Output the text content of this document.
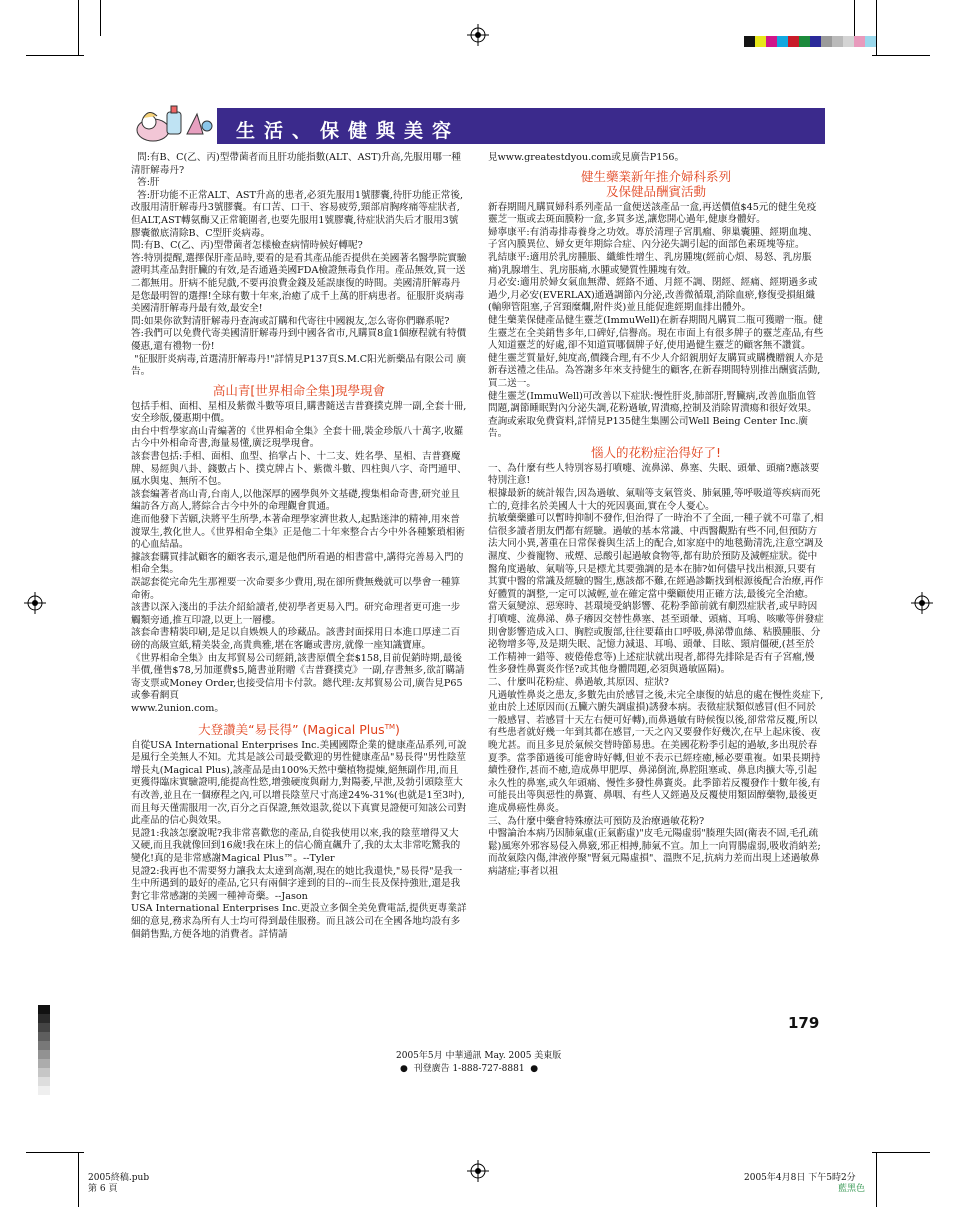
生活、保健與美容

問:有B、C(乙、丙)型帶菌者而且肝功能指數(ALT、AST)升高,先服用哪一種清肝解毒丹?
答:肝
答:肝功能不正常ALT、AST升高的患者,必須先服用1號膠囊,待肝功能正常後,改服用清肝解毒丹3號膠囊。有口苦、口干、容易疲勞,頸部肩胸疼痛等症狀者,但ALT,AST轉氨酶又正常範圍者,也要先服用1號膠囊,待症狀消失后才服用3號膠囊徹底清除B、C型肝炎病毒。
問:有B、C(乙、丙)型帶菌者怎樣檢查病情時候好轉呢?
答:特別提醒,選擇保肝產品時,要看的是看其產品能否提供在美國著名醫學院實驗證明其產品對肝臟的有效,是否通過美國FDA檢證無毒負作用。產品無效,買一送二都無用。肝病不能兒戲,不要再浪費金錢及延誤康復的時間。美國清肝解毒丹是您最明智的選擇!全球有數十年來,治癒了成千上萬的肝病患者。征服肝炎病毒美國清肝解毒丹最有效,最安全!
問:如果你欲對清肝解毒丹查詢或訂購和代寄往中國親友,怎么寄你們聯系呢?
答:我們可以免費代寄美國清肝解毒丹到中國各省市,凡購買8盒1個療程就有特價優惠,還有禮物一份!
"征服肝炎病毒,首選清肝解毒丹!"詳情見P137頁S.M.C阳光新藥品有限公司 廣告。

高山青[世界相命全集]現學現會

包括手相、面相、星相及紫微斗數等項目,購書隨送吉普賽撲克牌一副,全套十冊,安全珍版,優惠期中價。
由台中哲學家高山青編著的《世界相命全集》全套十冊,裝金珍版八十萬字,收羅古今中外相命奇書,海量易懂,廣泛現學現會。
該套書包括:手相、面相、血型、掐掌占卜、十二支、姓名學、星相、吉普賽魔牌、易經與八卦、錢數占卜、撲克牌占卜、紫微斗數、四柱與八字、奇門遁甲、風水與鬼、無所不包。
該套編著者高山青,台南人,以他深厚的國學與外文基礎,搜集相命奇書,研究並且編訪各方高人,將綜合古今中外的命理觀會貫通。
進而他發下苦願,決將平生所學,本著命理學家濟世救人,起點迷津的精神,用來普渡眾生,教化世人。《世界相命全集》正是他二十年來整合古今中外各種繁瑣相術的心血結晶。
據該套購買排試顧客的顧客表示,還是他們所看過的相書當中,講得完善易入門的相命全集。
誤認套從完命先生那裡要一次命要多少費用,現在卻所費無幾就可以學會一種算命術。
該書以深入淺出的手法介紹給讀者,使初學者更易入門。研究命理者更可進一步觸類旁通,推互印證,以更上一層樓。
該套命書精裝印刷,是足以自娛娛人的珍藏品。該書封面採用日本進口厚達二百磅的高級宣紙,精美裝金,高貴典雅,堪在客廳或書房,就像一座知識寶庫。
《世界相命全集》由友邦貿易公司經銷,該書原價全套$158,目前促銷時期,最後半價,僅售$78,另加運費$5,隨書並附贈《吉普賽撲克》一副,存書無多,欲訂購請寄支票或Money Order,也接受信用卡付款。總代理:友邦貿易公司,廣告見P65或參看網頁
www.2union.com。

大登讚美“易長得” (Magical Plus™)

自從USA International Enterprises Inc.美國國際企業的健康產品系列,可說是風行全美無人不知。尤其是該公司最受歡迎的男性健康產品"易長得"男性陰莖增長丸(Magical Plus),該產品是由100%天然中藥植物提煉,絕無副作用,而且更獲得臨床實驗證明,能提高性慾,增強硬度與耐力,對陽萎,早泄,及勃引頭陰莖大有改善,並且在一個療程之內,可以增長陰莖尺寸高達24%-31%(也就是1至3吋),而且每天僅需服用一次,百分之百保證,無效退款,從以下真實見證便可知該公司對此產品的信心與效果。
見證1:我該怎麼說呢?我非常喜歡您的產品,自從我使用以來,我的陰莖增得又大又硬,而且我就像回到16歲!我在床上的信心簡直飆升了,我的太太非常吃驚我的變化!真的是非常感謝Magical Plus™。--Tyler
見證2:我再也不需要努力讓我太太達到高潮,現在的她比我還快,"易長得"是我一生中所遇到的最好的產品,它只有兩個字達到的目的--而生長及保持強壯,還是我對它非常感謝的美國一種神奇藥。--Jason
USA International Enterprises Inc.更設立多個全美免費電話,提供更專業詳細的意見,務求為所有人士均可得到最佳服務。而且該公司在全國各地均設有多個銷售點,方便各地的消費者。詳情請

見www.greatestdyou.com或見廣告P156。

健生藥業新年推介婦科系列
及保健品酬賓活動

新春期間凡購買婦科系列產品一盒便送該產品一盒,再送價值$45元的健生免疫靈芝一瓶或去斑面膜粉一盒,多買多送,讓您開心過年,健康身體好。
婦寧康平:有消毒排毒養身之功效。專於清理子宮肌瘤、卵巢囊腫、經期血塊、子宮內膜異位、婦女更年期綜合症、內分泌失調引起的面部色素斑塊等症。
乳結康平:適用於乳房腫脹、纖維性增生、乳房腫塊(經前心煩、易怒、乳房脹痛)乳腺增生、乳房脹痛,水腫或變質性腫塊有效。
月必安:適用於婦女氣血無滯、經絡不通、月經不調、閉經、經痛、經期過多或過少,月必安(EVERLAX)通過調節內分泌,改善微循環,消除血瘀,修復受損組織(輸卵管阻塞,子宮頸糜爛,附件炎)並且能促進經期血排出體外。
健生藥業保健產品健生靈芝(ImmuWell)在新春期間凡購買二瓶可獲贈一瓶。健生靈芝在全美銷售多年,口碑好,信譽高。現在市面上有很多牌子的靈芝產品,有些人知道靈芝的好處,卻不知道買哪個牌子好,使用過健生靈芝的顧客無不讚賞。
健生靈芝質量好,純度高,價錢合理,有不少人介紹親朋好友購買或購機贈親人亦是新春送禮之佳品。為答謝多年來支持健生的顧客,在新春期間特別推出酬賓活動,買二送一。
健生靈芝(ImmuWell)可改善以下症狀:慢性肝炎,肺部肝,腎臟病,改善血脂血管問題,調節睡眠對內分泌失調,花粉過敏,胃潰瘍,控制及消除胃潰瘍和很好效果。
查詢或索取免費資料,詳情見P135健生集團公司Well Being Center Inc.廣告。

惱人的花粉症治得好了!

一、為什麼有些人特別容易打噴嚏、流鼻涕、鼻塞、失眠、頭暈、頭痛?應該要特別注意!
根據最新的統計報告,因為過敏、氣喘等支氣管炎、肺氣腫,等呼吸道等疾病而死亡的,竟排名於美國人十大的死因裏面,實在令人憂心。
抗敏藥藥雖可以暫時抑制不發作,但治得了一時治不了全面,一種子就不可靠了,相信很多讀者朋友們都有經驗。過敏的基本常識、中西醫觀點有些不同,但預防方法大同小異,著重在日常保養與生活上的配合,如家庭中的地毯勤清洗,注意空調及濕度、少養寵物、戒煙、忌酸引起過敏食物等,都有助於預防及減輕症狀。從中醫角度過敏、氣喘等,只是標尤其要強調的是本在肺?如何儘早找出根源,只要有其實中醫的常識及經驗的醫生,應該都不難,在經過診斷找到根源後配合治療,再作好體質的調整,一定可以減輕,並在確定當中藥顧使用正確方法,最後完全治癒。
當天氣變涼、惡寒時、甚環境受納影響、花粉季節前就有劇烈症狀者,或早時因打噴嚏、流鼻涕、鼻子癢因交替性鼻塞、甚至頭暈、頭痛、耳鳴、咳嗽等併發症則會影響造成入口、胸腔或腹部,往往要藉由口呼吸,鼻涕帶血絲、粘膜腫脹、分泌物增多等,及是期失眠、記憶力減退、耳鳴、頭暈、目眩、頸肩僵硬,(甚至於工作精神一錯等、疲倦倦怠等)上述症狀就出現者,都得先排除是否有子宮瘤,慢性多發性鼻竇炎作怪?或其他身體問題,必須與過敏區隔)。
二、什麼叫花粉症、鼻過敏,其原因、症狀?
凡過敏性鼻炎之患友,多數先由於感冒之後,未完全康復的姑息的處在慢性炎症下,並由於上述原因而(五臟六腑失調虛損)誘發本病。表徵症狀類似感冒(但不同於一般感冒、若感冒十天左右便可好轉),而鼻過敏有時候復以後,卻常常反覆,所以有些患者就好幾一年到其都在感冒,一天之內又要發作好幾次,在早上起床後、夜晚尤甚。而且多見於氣候交替時節易患。在美國花粉季引起的過敏,多出現於春夏季。當季節過後可能會時好轉,但並不表示已經痊癒,極必要重複。如果長期持續性發作,甚而不癒,造成鼻甲肥厚、鼻涕倒流,鼻腔阻塞或、鼻息肉擴大等,引起永久性的鼻塞,或久年頭痛、慢性多發性鼻竇炎。此季節若反覆發作十數年後,有可能長出等與惡性的鼻竇、鼻咽、有些人又經過及反覆使用類固醇藥物,最後更進成鼻癌性鼻炎。
三、為什麼中藥會特殊療法可預防及治療過敏花粉?
中醫論治本病乃因肺氣虛(正氣虧虛)"皮毛元陽虛弱"腠理失固(衛表不固,毛孔疏鬆)風寒外邪容易侵入鼻竅,邪正相搏,肺氣不宣。加上一向胃腸虛弱,吸收消納差;而故氣陰內傷,津液停聚"腎氣元陽虛損"、溫煦不足,抗病力差而出現上述過敏鼻病諸症;事者以祖

2005年5月 中華通訊 May. 2005 美東版
●  刊登廣告 1-888-727-8881  ●
179
2005終稿.pub
第 6 頁
2005年4月8日 下午5時2分
藍黑色
